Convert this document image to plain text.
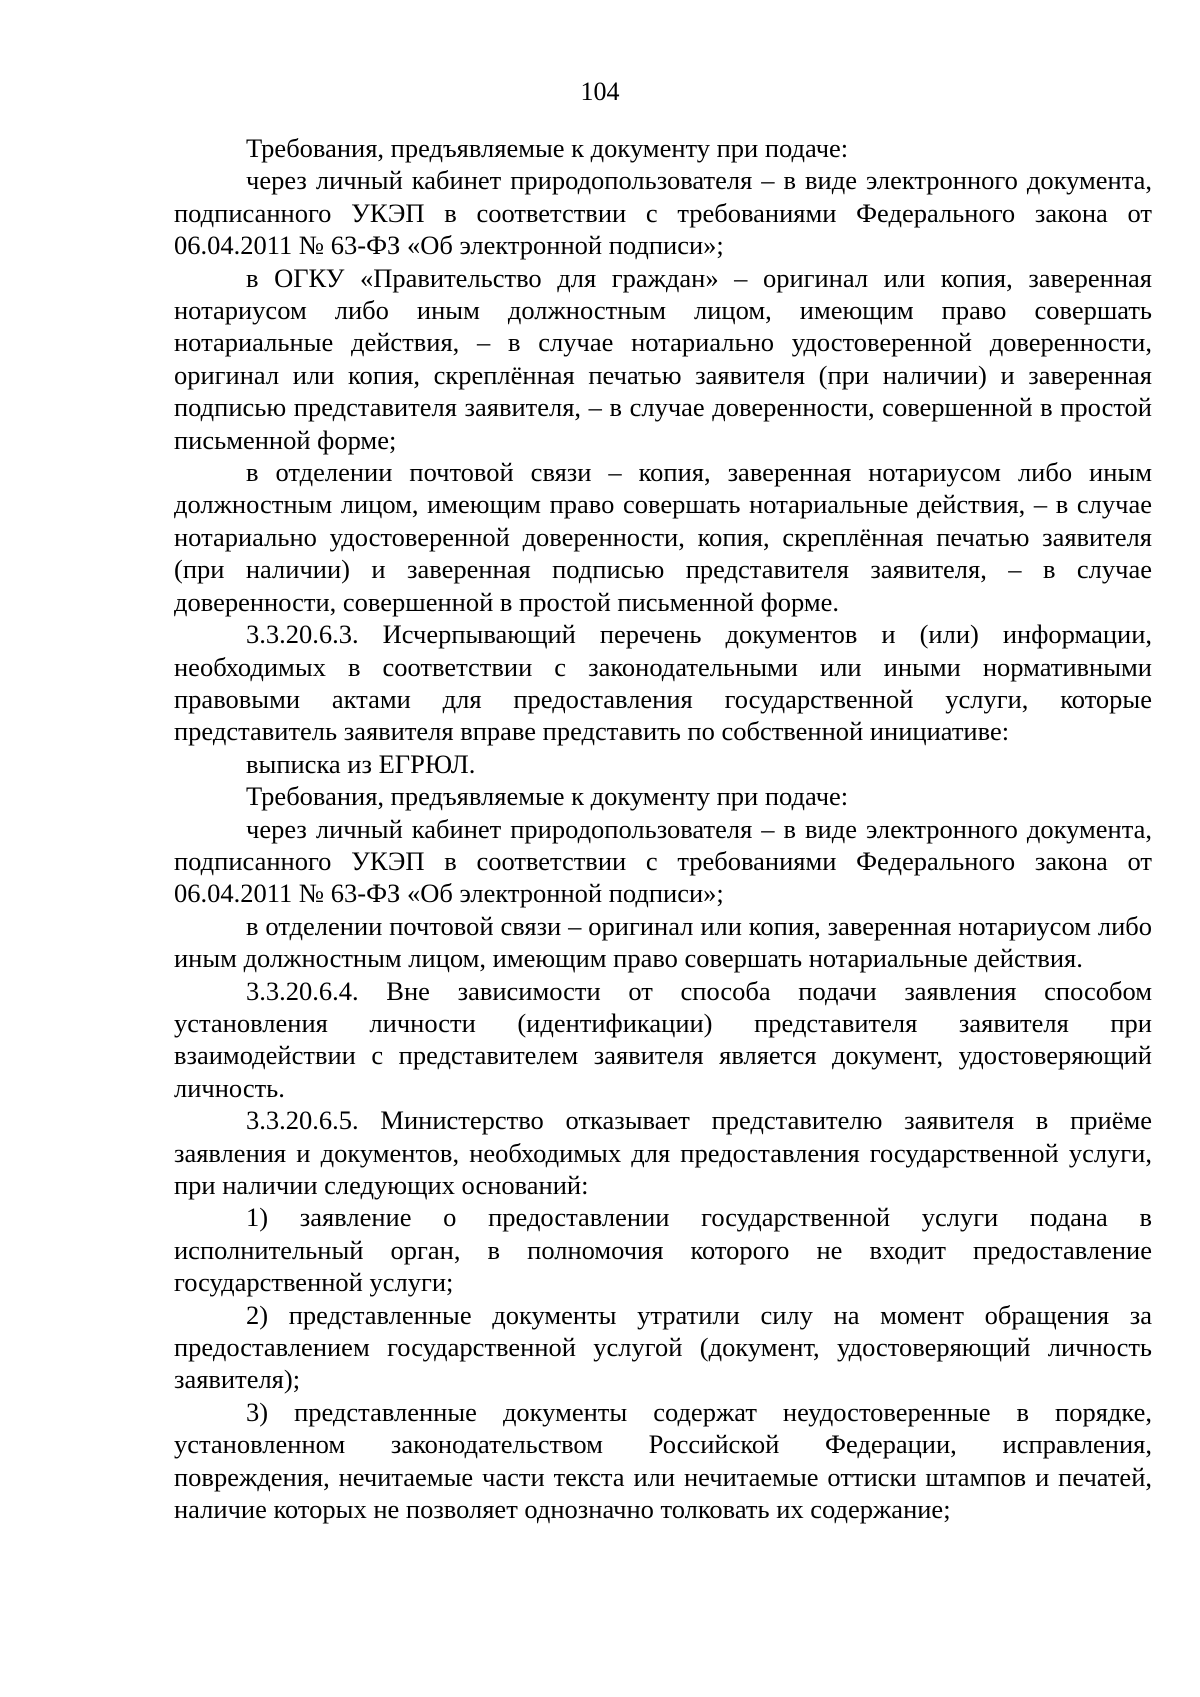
104

Требования, предъявляемые к документу при подаче:

через личный кабинет природопользователя – в виде электронного документа, подписанного УКЭП в соответствии с требованиями Федерального закона от 06.04.2011 № 63-ФЗ «Об электронной подписи»;

в ОГКУ «Правительство для граждан» – оригинал или копия, заверенная нотариусом либо иным должностным лицом, имеющим право совершать нотариальные действия, – в случае нотариально удостоверенной доверенности, оригинал или копия, скреплённая печатью заявителя (при наличии) и заверенная подписью представителя заявителя, – в случае доверенности, совершенной в простой письменной форме;

в отделении почтовой связи – копия, заверенная нотариусом либо иным должностным лицом, имеющим право совершать нотариальные действия, – в случае нотариально удостоверенной доверенности, копия, скреплённая печатью заявителя (при наличии) и заверенная подписью представителя заявителя, – в случае доверенности, совершенной в простой письменной форме.

3.3.20.6.3. Исчерпывающий перечень документов и (или) информации, необходимых в соответствии с законодательными или иными нормативными правовыми актами для предоставления государственной услуги, которые представитель заявителя вправе представить по собственной инициативе:

выписка из ЕГРЮЛ.

Требования, предъявляемые к документу при подаче:

через личный кабинет природопользователя – в виде электронного документа, подписанного УКЭП в соответствии с требованиями Федерального закона от 06.04.2011 № 63-ФЗ «Об электронной подписи»;

в отделении почтовой связи – оригинал или копия, заверенная нотариусом либо иным должностным лицом, имеющим право совершать нотариальные действия.

3.3.20.6.4. Вне зависимости от способа подачи заявления способом установления личности (идентификации) представителя заявителя при взаимодействии с представителем заявителя является документ, удостоверяющий личность.

3.3.20.6.5. Министерство отказывает представителю заявителя в приёме заявления и документов, необходимых для предоставления государственной услуги, при наличии следующих оснований:

1) заявление о предоставлении государственной услуги подана в исполнительный орган, в полномочия которого не входит предоставление государственной услуги;

2) представленные документы утратили силу на момент обращения за предоставлением государственной услугой (документ, удостоверяющий личность заявителя);

3) представленные документы содержат неудостоверенные в порядке, установленном законодательством Российской Федерации, исправления, повреждения, нечитаемые части текста или нечитаемые оттиски штампов и печатей, наличие которых не позволяет однозначно толковать их содержание;
